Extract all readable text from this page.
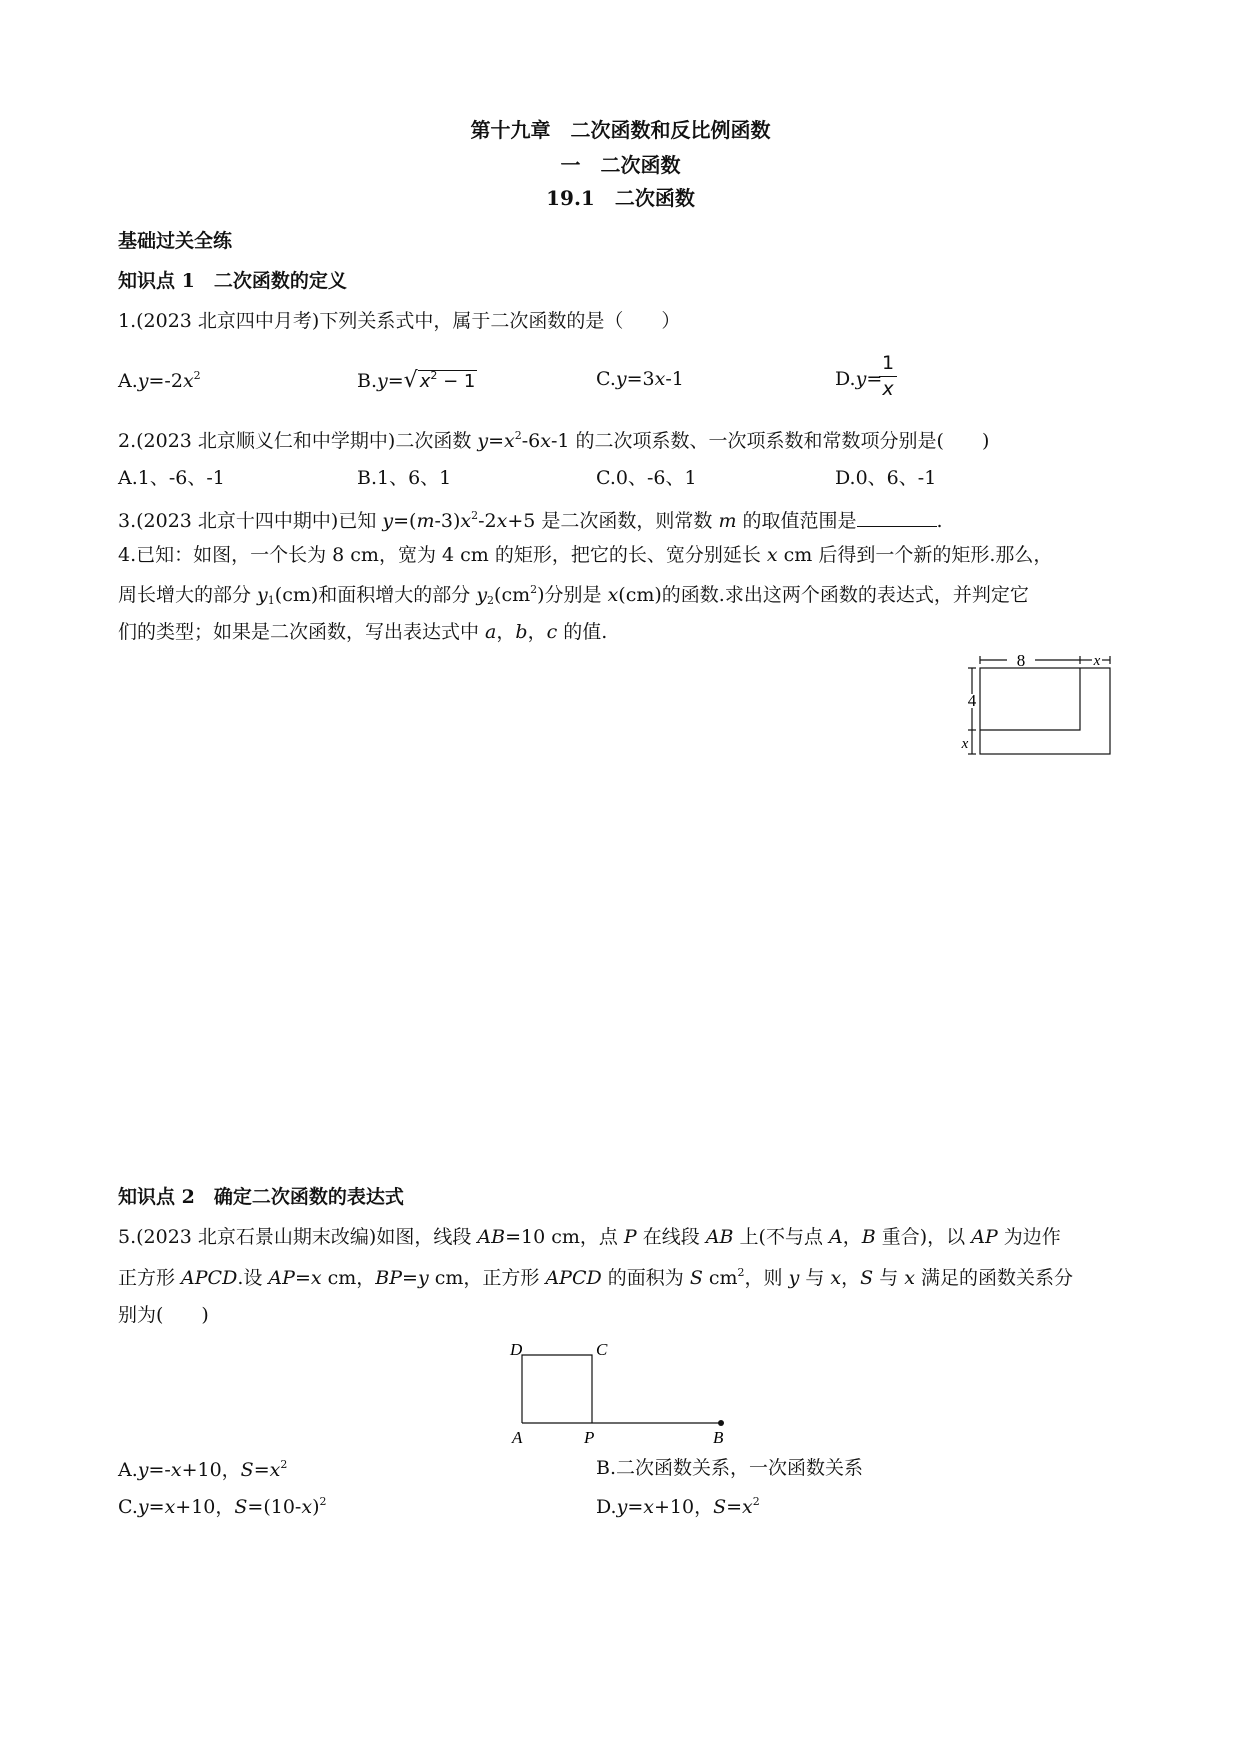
第十九章　二次函数和反比例函数
一　二次函数
19.1　二次函数
基础过关全练
知识点 1　二次函数的定义
1.(2023 北京四中月考)下列关系式中，属于二次函数的是（　　）
$A.y=-2x^2$	B.y=√ $x^2 - 1$	C.y=3x-1	D.y=
1
x
2.(2023 北京顺义仁和中学期中)二次函数 $y=x^2-6x-1$ 的二次项系数、一次项系数和常数项分别是(　　)
A.1、-6、-1	B.1、6、1	C.0、-6、1	D.0、6、-1
3.(2023 北京十四中期中)已知 $y=(m-3)x^2-2x+5$ 是二次函数，则常数 m 的取值范围是	.
4.已知：如图，一个长为 8 cm，宽为 4 cm 的矩形，把它的长、宽分别延长 x cm 后得到一个新的矩形.那么，
周长增大的部分 $y_1(cm)$和面积增大的部分 $y_2(cm^2)$分别是 x(cm)的函数.求出这两个函数的表达式，并判定它
们的类型；如果是二次函数，写出表达式中 a，b，c 的值.
8	x
4
x
知识点 2　确定二次函数的表达式
5.(2023 北京石景山期末改编)如图，线段 AB=10 cm，点 P 在线段 AB 上(不与点 A，B 重合)，以 AP 为边作
正方形 APCD.设 AP=x cm，BP=y cm，正方形 APCD 的面积为 S $cm^2$，则 y 与 x，S 与 x 满足的函数关系分
别为(　　)
D	C
A	P	B
A.y=-x+10，$S=x^2$	B.二次函数关系，一次函数关系
C.y=x+10，$S=(10-x)^2$	D.y=x+10，$S=x^2$
